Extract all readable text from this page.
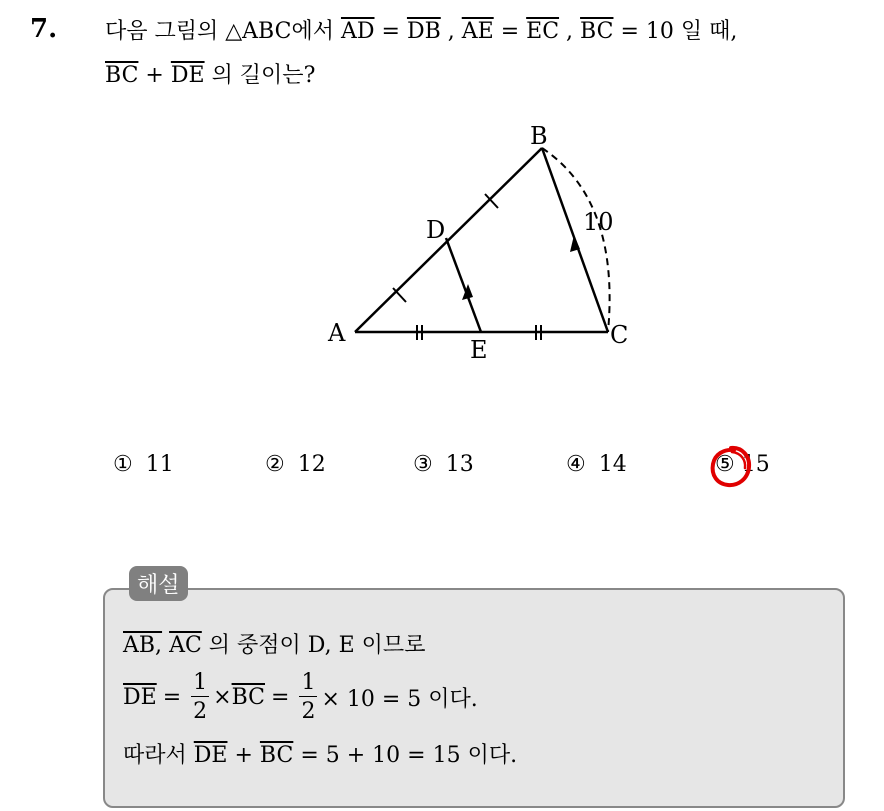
7. 다음 그림의 △ABC에서 $\overline{AD} = \overline{DB}$ , $\overline{AE} = \overline{EC}$ , $\overline{BC} = 10$ 일 때,
$\overline{BC} + \overline{DE}$ 의 길이는?
A
B
C
D
E
10
① 11	② 12	③ 13	④ 14	⑤ 15
해설
AB, $\overline{AC}$ 의 중점이 D, E 이므로
$\overline{DE} = \frac{1}{2} \times \overline{BC} = \frac{1}{2} \times 10 = 5$ 이다.
따라서 $\overline{DE} + \overline{BC} = 5 + 10 = 15$ 이다.
